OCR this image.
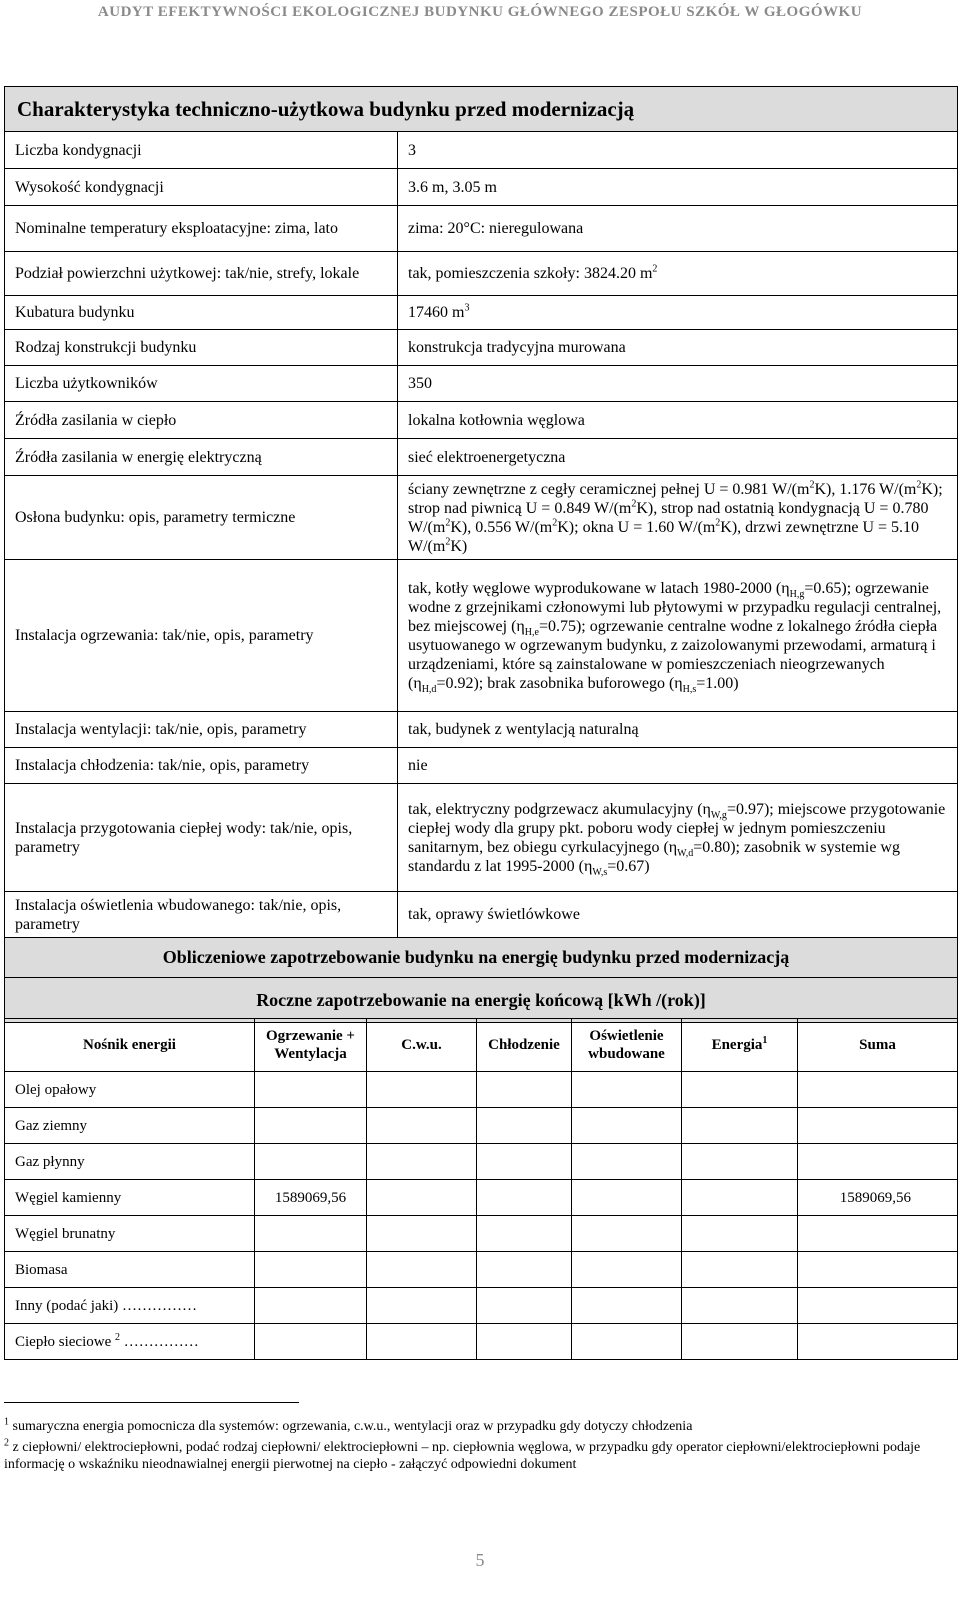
AUDYT EFEKTYWNOŚCI EKOLOGICZNEJ BUDYNKU GŁÓWNEGO ZESPOŁU SZKÓŁ W GŁOGÓWKU
Charakterystyka techniczno-użytkowa budynku przed modernizacją	
Liczba kondygnacji	3
Wysokość kondygnacji	3.6 m, 3.05 m
Nominalne temperatury eksploatacyjne: zima, lato	zima: 20°C: nieregulowana
Podział powierzchni użytkowej: tak/nie, strefy, lokale	tak, pomieszczenia szkoły: 3824.20 $m^2$
Kubatura budynku	17460 $m^3$
Rodzaj konstrukcji budynku	konstrukcja tradycyjna murowana
Liczba użytkowników	350
Źródła zasilania w ciepło	lokalna kotłownia węglowa
Źródła zasilania w energię elektryczną	sieć elektroenergetyczna
Osłona budynku: opis, parametry termiczne	ściany zewnętrzne z cegły ceramicznej pełnej U = 0.981 $W/(m^2K)$, 1.176 $W/(m^2K)$; strop nad piwnicą U = 0.849 $W/(m^2K)$, strop nad ostatnią kondygnacją U = 0.780 $W/(m^2K)$, 0.556 $W/(m^2K)$; okna U = 1.60 $W/(m^2K)$, drzwi zewnętrzne U = 5.10 $W/(m^2K)$
Instalacja ogrzewania: tak/nie, opis, parametry	tak, kotły węglowe wyprodukowane w latach 1980-2000 $(\eta_{H,g}=0.65)$; ogrzewanie wodne z grzejnikami członowymi lub płytowymi w przypadku regulacji centralnej, bez miejscowej $(\eta_{H,e}=0.75)$; ogrzewanie centralne wodne z lokalnego źródła ciepła usytuowanego w ogrzewanym budynku, z zaizolowanymi przewodami, armaturą i urządzeniami, które są zainstalowane w pomieszczeniach nieogrzewanych $(\eta_{H,d}=0.92)$; brak zasobnika buforowego $(\eta_{H,s}=1.00)$
Instalacja wentylacji: tak/nie, opis, parametry	tak, budynek z wentylacją naturalną
Instalacja chłodzenia: tak/nie, opis, parametry	nie
Instalacja przygotowania ciepłej wody: tak/nie, opis, parametry	tak, elektryczny podgrzewacz akumulacyjny $(\eta_{W,g}=0.97)$; miejscowe przygotowanie ciepłej wody dla grupy pkt. poboru wody ciepłej w jednym pomieszczeniu sanitarnym, bez obiegu cyrkulacyjnego $(\eta_{W,d}=0.80)$; zasobnik w systemie wg standardu z lat 1995-2000 $(\eta_{W,s}=0.67)$
Instalacja oświetlenia wbudowanego: tak/nie, opis, parametry	tak, oprawy świetlówkowe
Obliczeniowe zapotrzebowanie budynku na energię budynku przed modernizacją	
Roczne zapotrzebowanie na energię końcową [kWh /(rok)]	
Nośnik energii	Ogrzewanie + Wentylacja	C.w.u.	Chłodzenie	Oświetlenie wbudowane	Energia$^1$	Suma
Olej opałowy						
Gaz ziemny						
Gaz płynny						
Węgiel kamienny	1589069,56					1589069,56
Węgiel brunatny						
Biomasa						
Inny (podać jaki) ……………						
Ciepło sieciowe $^2$ ……………						
$^1$ sumaryczna energia pomocnicza dla systemów: ogrzewania, c.w.u., wentylacji oraz w przypadku gdy dotyczy chłodzenia
$^2$ z ciepłowni/ elektrociepłowni, podać rodzaj ciepłowni/ elektrociepłowni – np. ciepłownia węglowa, w przypadku gdy operator ciepłowni/elektrociepłowni podaje informację o wskaźniku nieodnawialnej energii pierwotnej na ciepło - załączyć odpowiedni dokument
5
